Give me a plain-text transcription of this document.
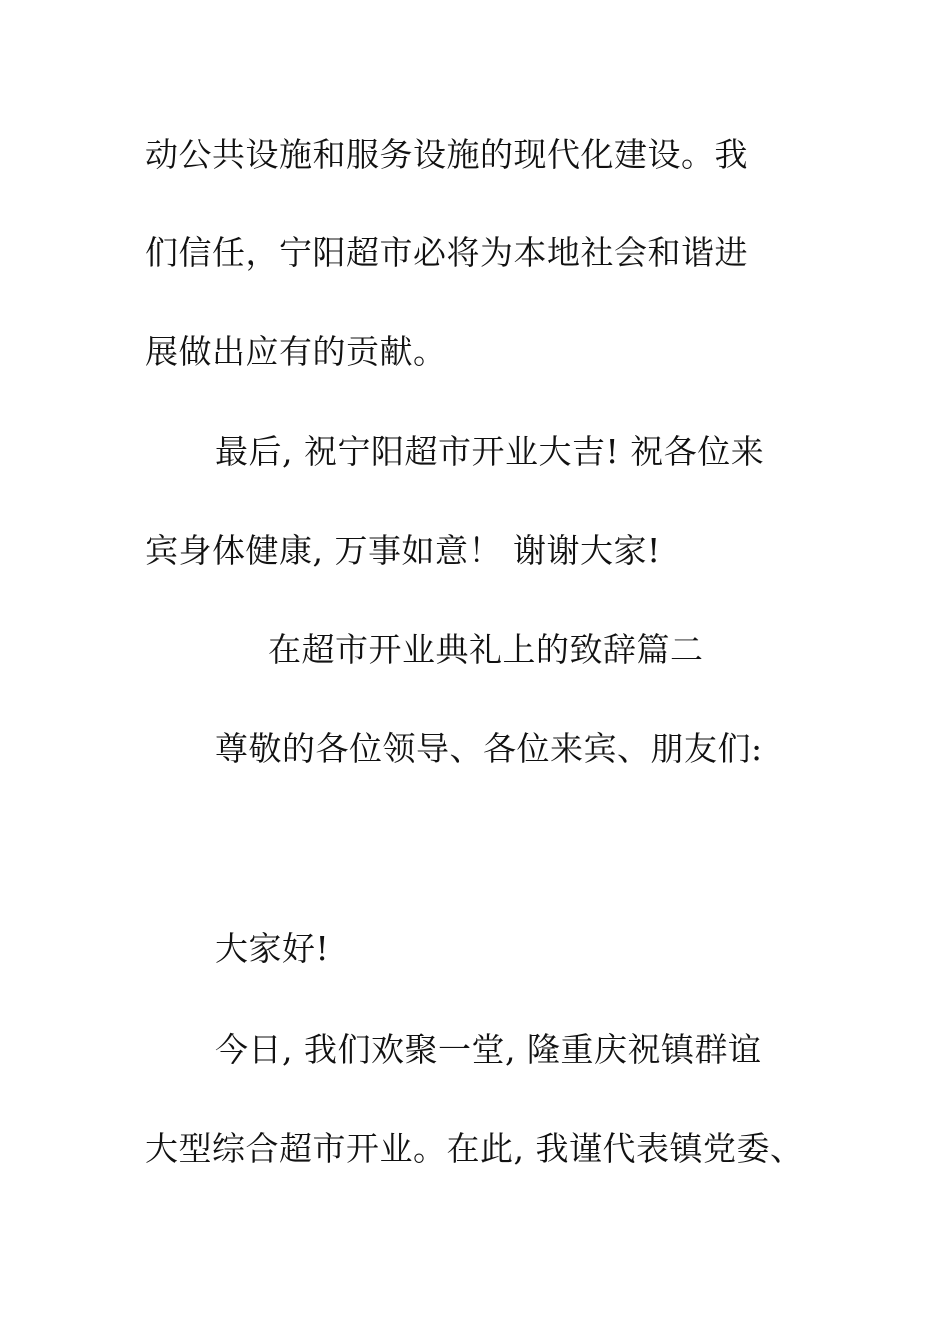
动公共设施和服务设施的现代化建设。我
们信任，宁阳超市必将为本地社会和谐进
展做出应有的贡献。
最后, 祝宁阳超市开业大吉! 祝各位来
宾身体健康, 万事如意！ 谢谢大家!
在超市开业典礼上的致辞篇二
尊敬的各位领导、各位来宾、朋友们:
大家好!
今日, 我们欢聚一堂, 隆重庆祝镇群谊
大型综合超市开业。在此, 我谨代表镇党委、
